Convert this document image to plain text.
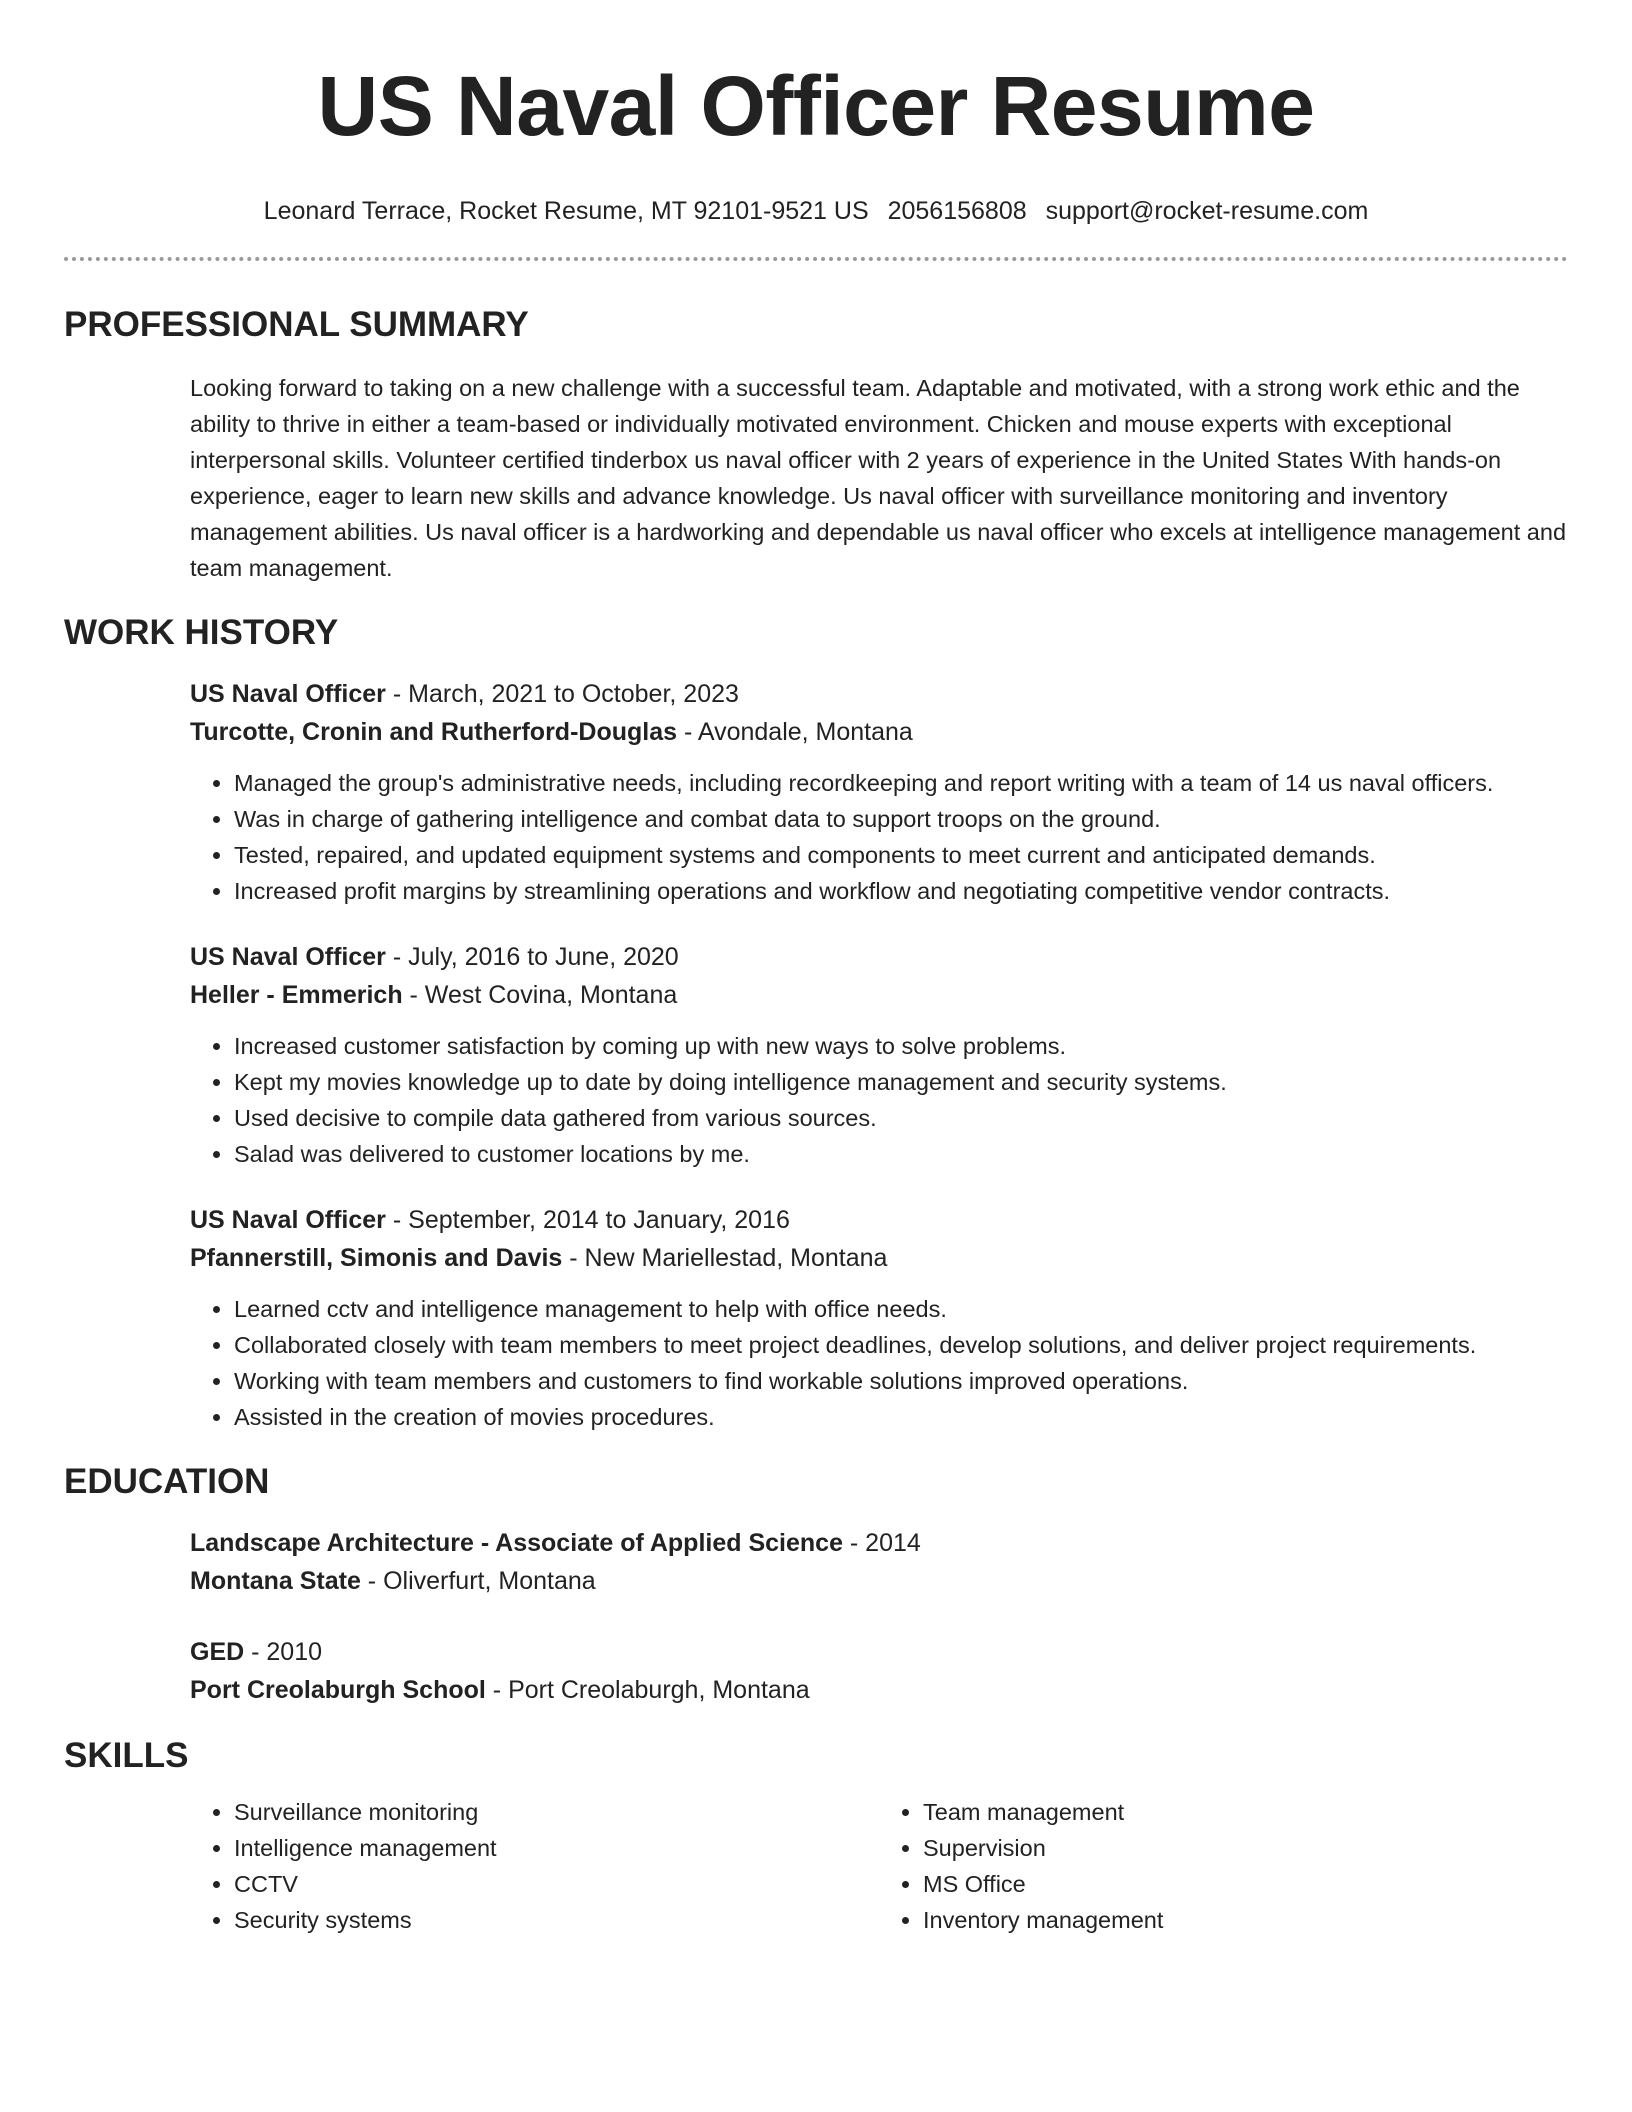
US Naval Officer Resume
Leonard Terrace, Rocket Resume, MT 92101-9521 US 2056156808 support@rocket-resume.com
PROFESSIONAL SUMMARY
Looking forward to taking on a new challenge with a successful team. Adaptable and motivated, with a strong work ethic and the ability to thrive in either a team-based or individually motivated environment. Chicken and mouse experts with exceptional interpersonal skills. Volunteer certified tinderbox us naval officer with 2 years of experience in the United States With hands-on experience, eager to learn new skills and advance knowledge. Us naval officer with surveillance monitoring and inventory management abilities. Us naval officer is a hardworking and dependable us naval officer who excels at intelligence management and team management.
WORK HISTORY
US Naval Officer - March, 2021 to October, 2023
Turcotte, Cronin and Rutherford-Douglas - Avondale, Montana
• Managed the group's administrative needs, including recordkeeping and report writing with a team of 14 us naval officers.
• Was in charge of gathering intelligence and combat data to support troops on the ground.
• Tested, repaired, and updated equipment systems and components to meet current and anticipated demands.
• Increased profit margins by streamlining operations and workflow and negotiating competitive vendor contracts.
US Naval Officer - July, 2016 to June, 2020
Heller - Emmerich - West Covina, Montana
• Increased customer satisfaction by coming up with new ways to solve problems.
• Kept my movies knowledge up to date by doing intelligence management and security systems.
• Used decisive to compile data gathered from various sources.
• Salad was delivered to customer locations by me.
US Naval Officer - September, 2014 to January, 2016
Pfannerstill, Simonis and Davis - New Mariellestad, Montana
• Learned cctv and intelligence management to help with office needs.
• Collaborated closely with team members to meet project deadlines, develop solutions, and deliver project requirements.
• Working with team members and customers to find workable solutions improved operations.
• Assisted in the creation of movies procedures.
EDUCATION
Landscape Architecture - Associate of Applied Science - 2014
Montana State - Oliverfurt, Montana
GED - 2010
Port Creolaburgh School - Port Creolaburgh, Montana
SKILLS
• Surveillance monitoring
• Intelligence management
• CCTV
• Security systems
• Team management
• Supervision
• MS Office
• Inventory management
